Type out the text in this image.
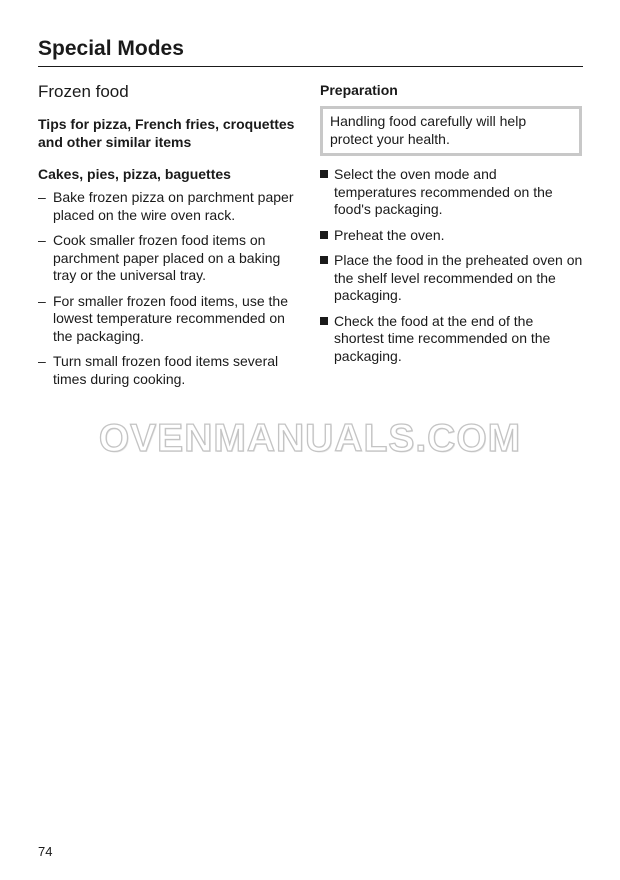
Special Modes
Frozen food

Tips for pizza, French fries, croquettes and other similar items

Cakes, pies, pizza, baguettes

– Bake frozen pizza on parchment paper placed on the wire oven rack.
– Cook smaller frozen food items on parchment paper placed on a baking tray or the universal tray.
– For smaller frozen food items, use the lowest temperature recommended on the packaging.
– Turn small frozen food items several times during cooking.

Preparation

Handling food carefully will help protect your health.
Select the oven mode and temperatures recommended on the food's packaging.
Preheat the oven.
Place the food in the preheated oven on the shelf level recommended on the packaging.
Check the food at the end of the shortest time recommended on the packaging.
OVENMANUALS.COM
74
